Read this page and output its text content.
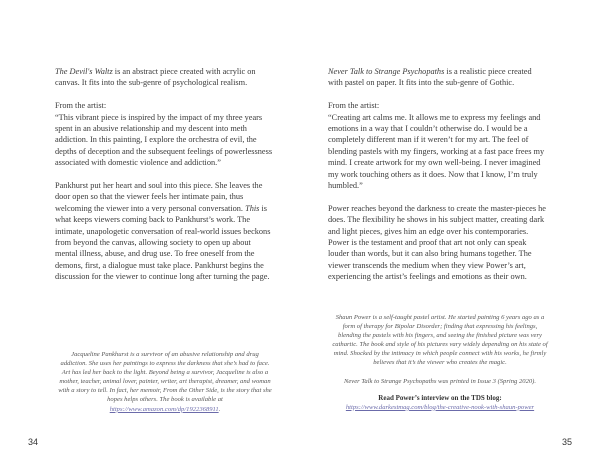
The Devil's Waltz is an abstract piece created with acrylic on canvas. It fits into the sub-genre of psychological realism.

From the artist:

“This vibrant piece is inspired by the impact of my three years spent in an abusive relationship and my descent into meth addiction. In this painting, I explore the orchestra of evil, the depths of deception and the subsequent feelings of powerlessness associated with domestic violence and addiction.”

Pankhurst put her heart and soul into this piece. She leaves the door open so that the viewer feels her intimate pain, thus welcoming the viewer into a very personal conversation. This is what keeps viewers coming back to Pankhurst’s work. The intimate, unapologetic conversation of real-world issues beckons from beyond the canvas, allowing society to open up about mental illness, abuse, and drug use. To free oneself from the demons, first, a dialogue must take place. Pankhurst begins the discussion for the viewer to continue long after turning the page.

Jacqueline Pankhurst is a survivor of an abusive relationship and drug addiction. She uses her paintings to express the darkness that she’s had to face. Art has led her back to the light. Beyond being a survivor, Jacqueline is also a mother, teacher, animal lover, painter, writer, art therapist, dreamer, and woman with a story to tell. In fact, her memoir, From the Other Side, is the story that she hopes helps others. The book is available at https://www.amazon.com/dp/1922368911.
34

Never Talk to Strange Psychopaths is a realistic piece created with pastel on paper. It fits into the sub-genre of Gothic.

From the artist:

“Creating art calms me. It allows me to express my feelings and emotions in a way that I couldn’t otherwise do. I would be a completely different man if it weren’t for my art. The feel of blending pastels with my fingers, working at a fast pace frees my mind. I create artwork for my own well-being. I never imagined my work touching others as it does. Now that I know, I’m truly humbled.”

Power reaches beyond the darkness to create the master-pieces he does. The flexibility he shows in his subject matter, creating dark and light pieces, gives him an edge over his contemporaries. Power is the testament and proof that art not only can speak louder than words, but it can also bring humans together. The viewer transcends the medium when they view Power’s art, experiencing the artist’s feelings and emotions as their own.

Shaun Power is a self-taught pastel artist. He started painting 6 years ago as a form of therapy for Bipolar Disorder; finding that expressing his feelings, blending the pastels with his fingers, and seeing the finished picture was very cathartic. The book and style of his pictures vary widely depending on his state of mind. Shocked by the intimacy in which people connect with his works, he firmly believes that it’s the viewer who creates the magic.
Never Talk to Strange Psychopaths was printed in Issue 3 (Spring 2020).
Read Power’s interview on the TDS blog:
https://www.darkestmag.com/blog/the-creative-nook-with-shaun-power
35
